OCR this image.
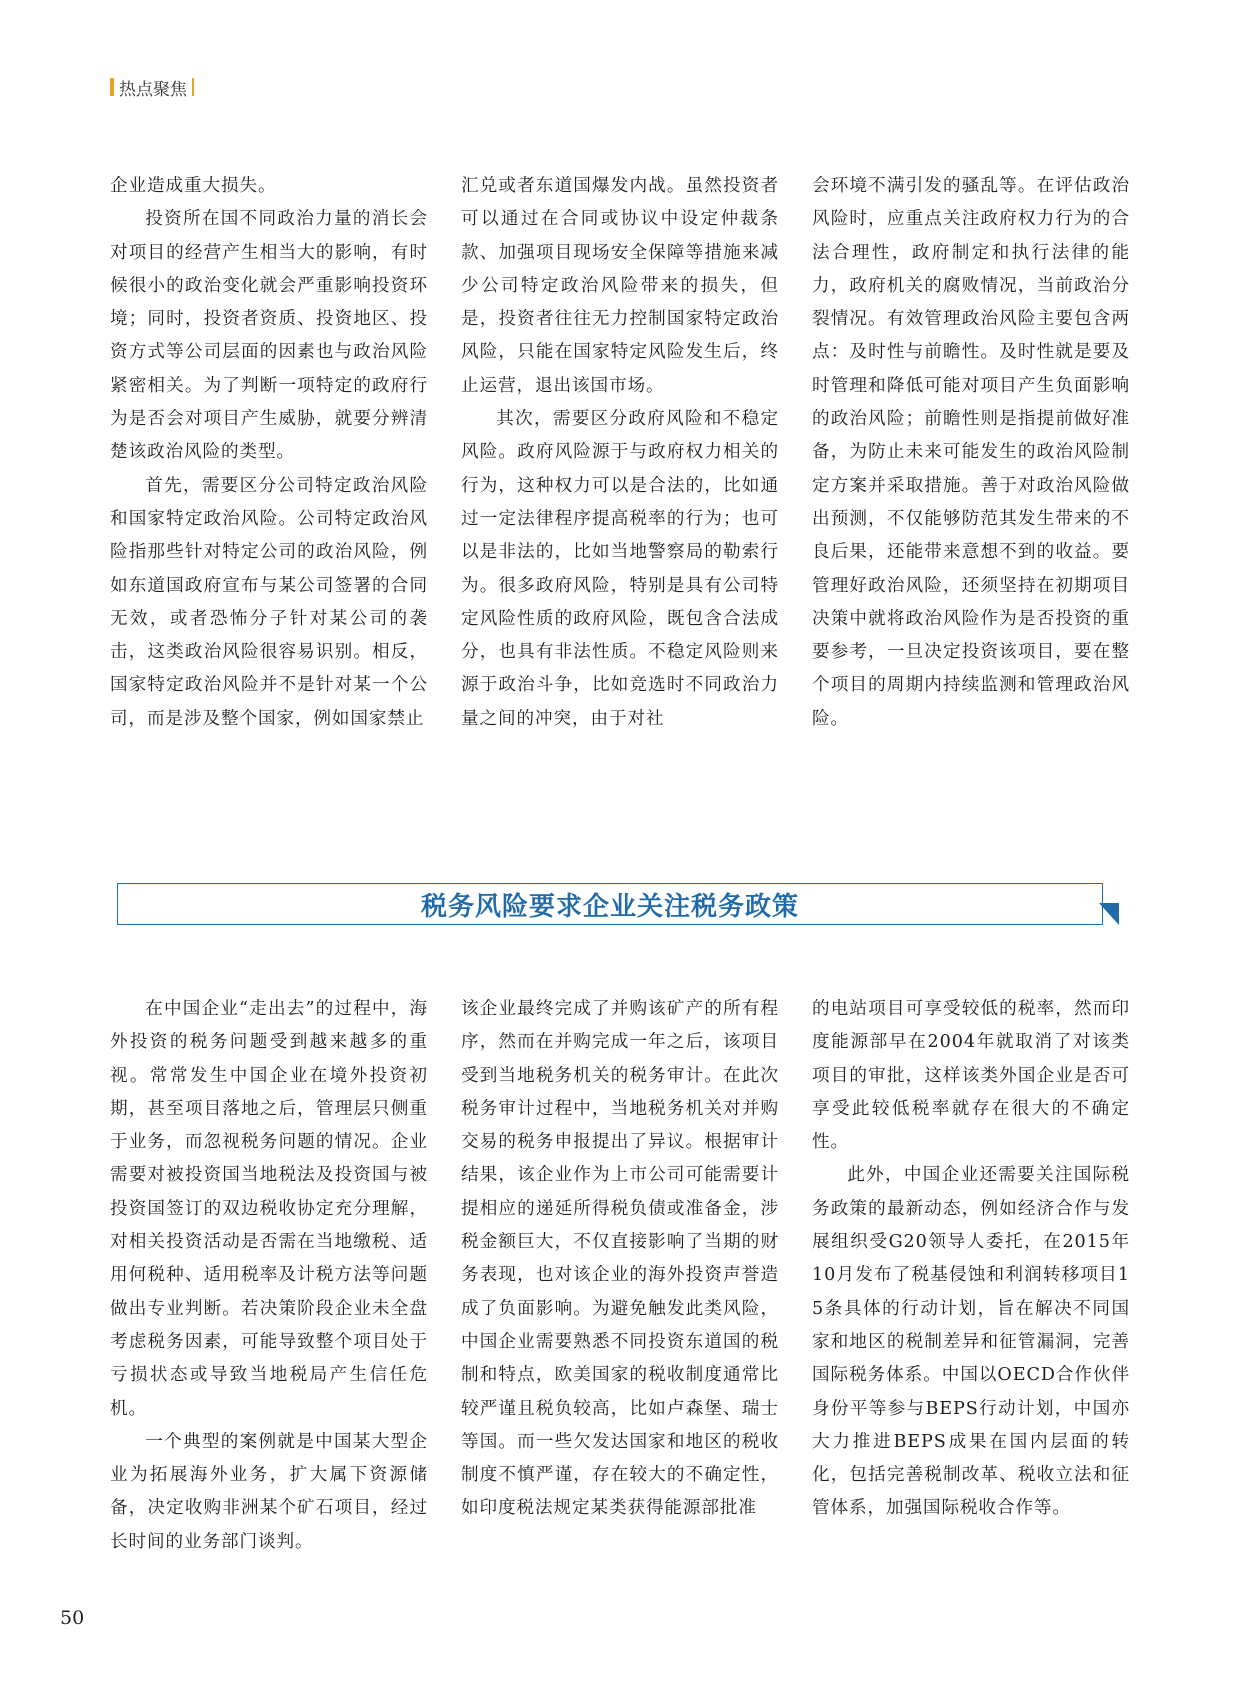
热点聚焦

企业造成重大损失。

投资所在国不同政治力量的消长会对项目的经营产生相当大的影响，有时候很小的政治变化就会严重影响投资环境；同时，投资者资质、投资地区、投资方式等公司层面的因素也与政治风险紧密相关。为了判断一项特定的政府行为是否会对项目产生威胁，就要分辨清楚该政治风险的类型。

首先，需要区分公司特定政治风险和国家特定政治风险。公司特定政治风险指那些针对特定公司的政治风险，例如东道国政府宣布与某公司签署的合同无效，或者恐怖分子针对某公司的袭击，这类政治风险很容易识别。相反，国家特定政治风险并不是针对某一个公司，而是涉及整个国家，例如国家禁止

汇兑或者东道国爆发内战。虽然投资者可以通过在合同或协议中设定仲裁条款、加强项目现场安全保障等措施来减少公司特定政治风险带来的损失，但是，投资者往往无力控制国家特定政治风险，只能在国家特定风险发生后，终止运营，退出该国市场。

其次，需要区分政府风险和不稳定风险。政府风险源于与政府权力相关的行为，这种权力可以是合法的，比如通过一定法律程序提高税率的行为；也可以是非法的，比如当地警察局的勒索行为。很多政府风险，特别是具有公司特定风险性质的政府风险，既包含合法成分，也具有非法性质。不稳定风险则来源于政治斗争，比如竞选时不同政治力量之间的冲突，由于对社

会环境不满引发的骚乱等。在评估政治风险时，应重点关注政府权力行为的合法合理性，政府制定和执行法律的能力，政府机关的腐败情况，当前政治分裂情况。有效管理政治风险主要包含两点：及时性与前瞻性。及时性就是要及时管理和降低可能对项目产生负面影响的政治风险；前瞻性则是指提前做好准备，为防止未来可能发生的政治风险制定方案并采取措施。善于对政治风险做出预测，不仅能够防范其发生带来的不良后果，还能带来意想不到的收益。要管理好政治风险，还须坚持在初期项目决策中就将政治风险作为是否投资的重要参考，一旦决定投资该项目，要在整个项目的周期内持续监测和管理政治风险。

税务风险要求企业关注税务政策

在中国企业“走出去”的过程中，海外投资的税务问题受到越来越多的重视。常常发生中国企业在境外投资初期，甚至项目落地之后，管理层只侧重于业务，而忽视税务问题的情况。企业需要对被投资国当地税法及投资国与被投资国签订的双边税收协定充分理解，对相关投资活动是否需在当地缴税、适用何税种、适用税率及计税方法等问题做出专业判断。若决策阶段企业未全盘考虑税务因素，可能导致整个项目处于亏损状态或导致当地税局产生信任危机。

一个典型的案例就是中国某大型企业为拓展海外业务，扩大属下资源储备，决定收购非洲某个矿石项目，经过长时间的业务部门谈判。

该企业最终完成了并购该矿产的所有程序，然而在并购完成一年之后，该项目受到当地税务机关的税务审计。在此次税务审计过程中，当地税务机关对并购交易的税务申报提出了异议。根据审计结果，该企业作为上市公司可能需要计提相应的递延所得税负债或准备金，涉税金额巨大，不仅直接影响了当期的财务表现，也对该企业的海外投资声誉造成了负面影响。为避免触发此类风险，中国企业需要熟悉不同投资东道国的税制和特点，欧美国家的税收制度通常比较严谨且税负较高，比如卢森堡、瑞士等国。而一些欠发达国家和地区的税收制度不慎严谨，存在较大的不确定性，如印度税法规定某类获得能源部批准

的电站项目可享受较低的税率，然而印度能源部早在2004年就取消了对该类项目的审批，这样该类外国企业是否可享受此较低税率就存在很大的不确定性。

此外，中国企业还需要关注国际税务政策的最新动态，例如经济合作与发展组织受G20领导人委托，在2015年10月发布了税基侵蚀和利润转移项目15条具体的行动计划，旨在解决不同国家和地区的税制差异和征管漏洞，完善国际税务体系。中国以OECD合作伙伴身份平等参与BEPS行动计划，中国亦大力推进BEPS成果在国内层面的转化，包括完善税制改革、税收立法和征管体系，加强国际税收合作等。

50
